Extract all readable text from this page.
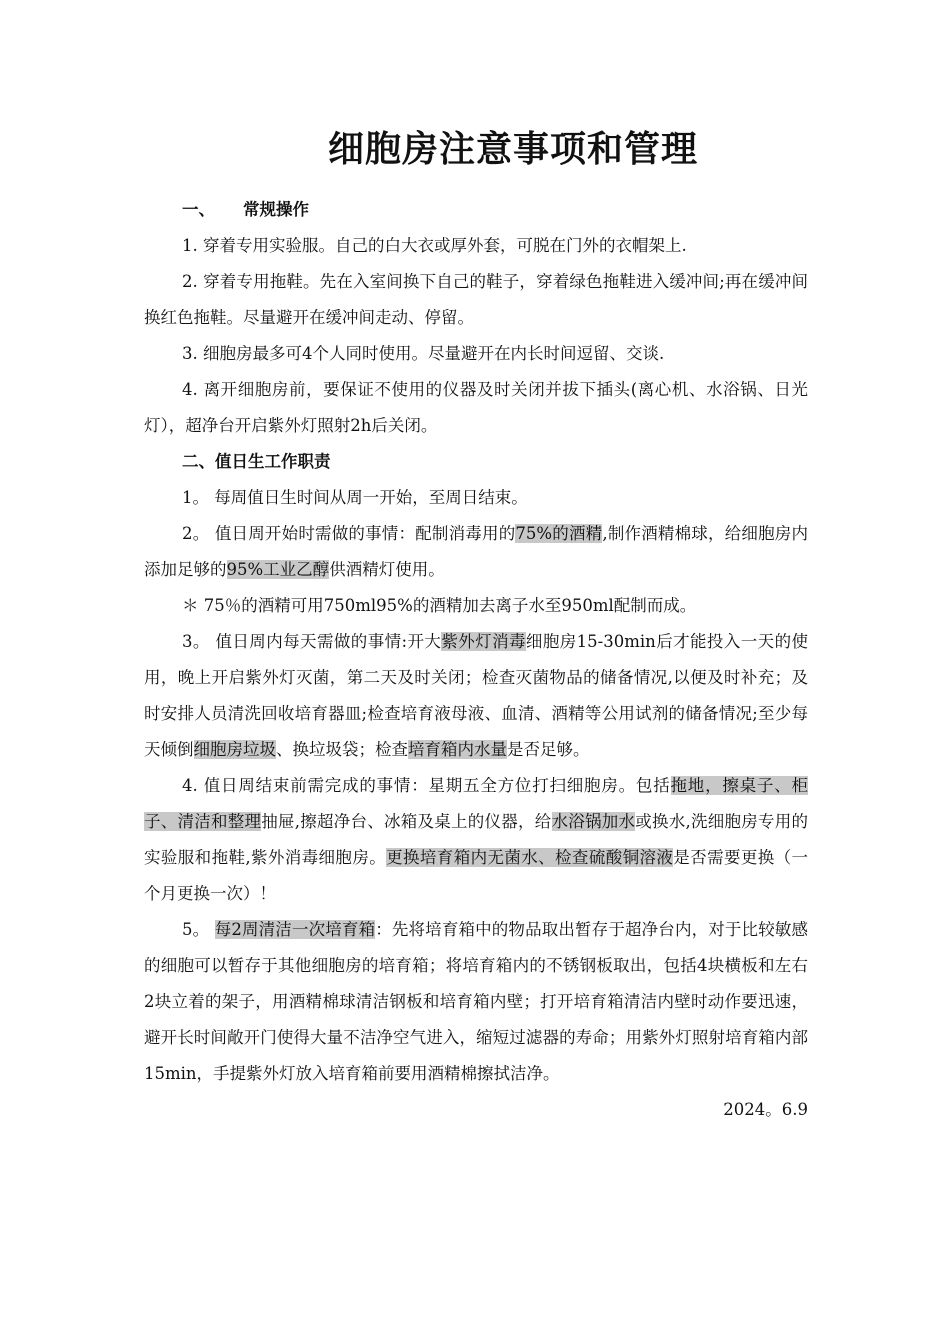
细胞房注意事项和管理

一、 常规操作

1. 穿着专用实验服。自己的白大衣或厚外套，可脱在门外的衣帽架上.

2. 穿着专用拖鞋。先在入室间换下自己的鞋子，穿着绿色拖鞋进入缓冲间;再在缓冲间换红色拖鞋。尽量避开在缓冲间走动、停留。

3. 细胞房最多可4个人同时使用。尽量避开在内长时间逗留、交谈.

4. 离开细胞房前，要保证不使用的仪器及时关闭并拔下插头(离心机、水浴锅、日光灯），超净台开启紫外灯照射2h后关闭。

二、值日生工作职责

1。 每周值日生时间从周一开始，至周日结束。

2。 值日周开始时需做的事情：配制消毒用的75%的酒精,制作酒精棉球，给细胞房内添加足够的95%工业乙醇供酒精灯使用。

＊ 75％的酒精可用750ml95%的酒精加去离子水至950ml配制而成。

3。 值日周内每天需做的事情:开大紫外灯消毒细胞房15-30min后才能投入一天的使用，晚上开启紫外灯灭菌，第二天及时关闭；检查灭菌物品的储备情况,以便及时补充；及时安排人员清洗回收培育器皿;检查培育液母液、血清、酒精等公用试剂的储备情况;至少每天倾倒细胞房垃圾、换垃圾袋；检查培育箱内水量是否足够。

4. 值日周结束前需完成的事情：星期五全方位打扫细胞房。包括拖地，擦桌子、柜子、清洁和整理抽屉,擦超净台、冰箱及桌上的仪器，给水浴锅加水或换水,洗细胞房专用的实验服和拖鞋,紫外消毒细胞房。更换培育箱内无菌水、检查硫酸铜溶液是否需要更换（一个月更换一次）！

5。 每2周清洁一次培育箱：先将培育箱中的物品取出暂存于超净台内，对于比较敏感的细胞可以暂存于其他细胞房的培育箱；将培育箱内的不锈钢板取出，包括4块横板和左右2块立着的架子，用酒精棉球清洁钢板和培育箱内壁；打开培育箱清洁内壁时动作要迅速，避开长时间敞开门使得大量不洁净空气进入，缩短过滤器的寿命；用紫外灯照射培育箱内部15min，手提紫外灯放入培育箱前要用酒精棉擦拭洁净。

2024。6.9
